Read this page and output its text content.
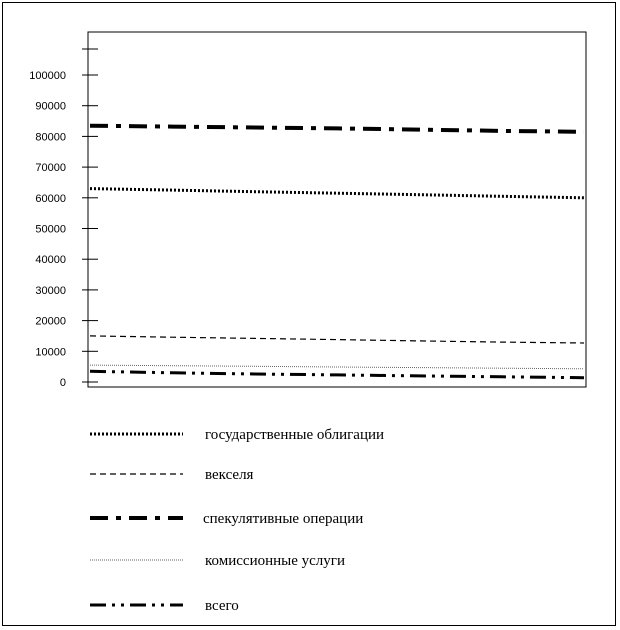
0
10000
20000
30000
40000
50000
60000
70000
80000
90000
100000
государственные облигации
векселя
спекулятивные операции
комиссионные услуги
всего
